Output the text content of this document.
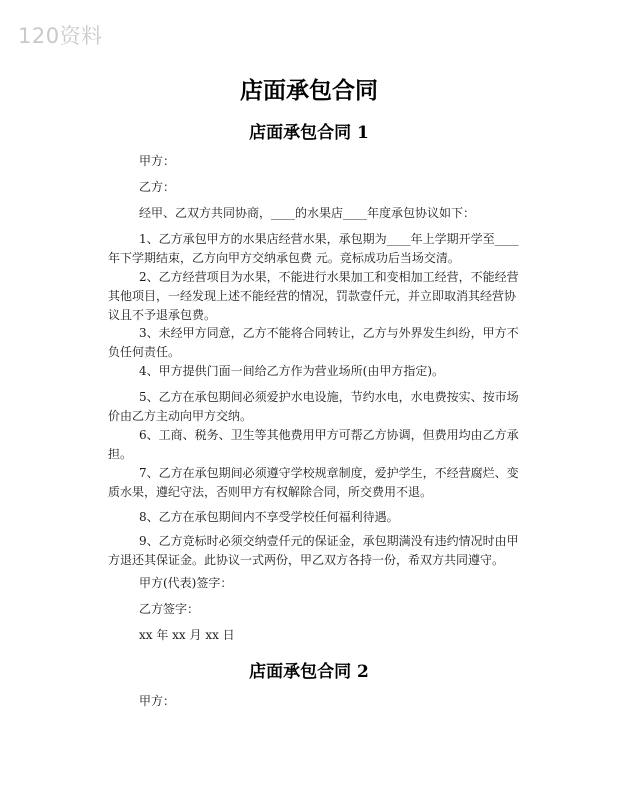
120资料
店面承包合同
店面承包合同 1
甲方：
乙方：
经甲、乙双方共同协商，____的水果店____年度承包协议如下：
1、乙方承包甲方的水果店经营水果，承包期为____年上学期开学至____年下学期结束，乙方向甲方交纳承包费 元。竞标成功后当场交清。
2、乙方经营项目为水果，不能进行水果加工和变相加工经营，不能经营其他项目，一经发现上述不能经营的情况，罚款壹仟元，并立即取消其经营协议且不予退承包费。
3、未经甲方同意，乙方不能将合同转让，乙方与外界发生纠纷，甲方不负任何责任。
4、甲方提供门面一间给乙方作为营业场所(由甲方指定)。
5、乙方在承包期间必须爱护水电设施，节约水电，水电费按实、按市场价由乙方主动向甲方交纳。
6、工商、税务、卫生等其他费用甲方可帮乙方协调，但费用均由乙方承担。
7、乙方在承包期间必须遵守学校规章制度，爱护学生，不经营腐烂、变质水果，遵纪守法，否则甲方有权解除合同，所交费用不退。
8、乙方在承包期间内不享受学校任何福利待遇。
9、乙方竞标时必须交纳壹仟元的保证金，承包期满没有违约情况时由甲方退还其保证金。此协议一式两份，甲乙双方各持一份，希双方共同遵守。
甲方(代表)签字：
乙方签字：
xx 年 xx 月 xx 日
店面承包合同 2
甲方：
